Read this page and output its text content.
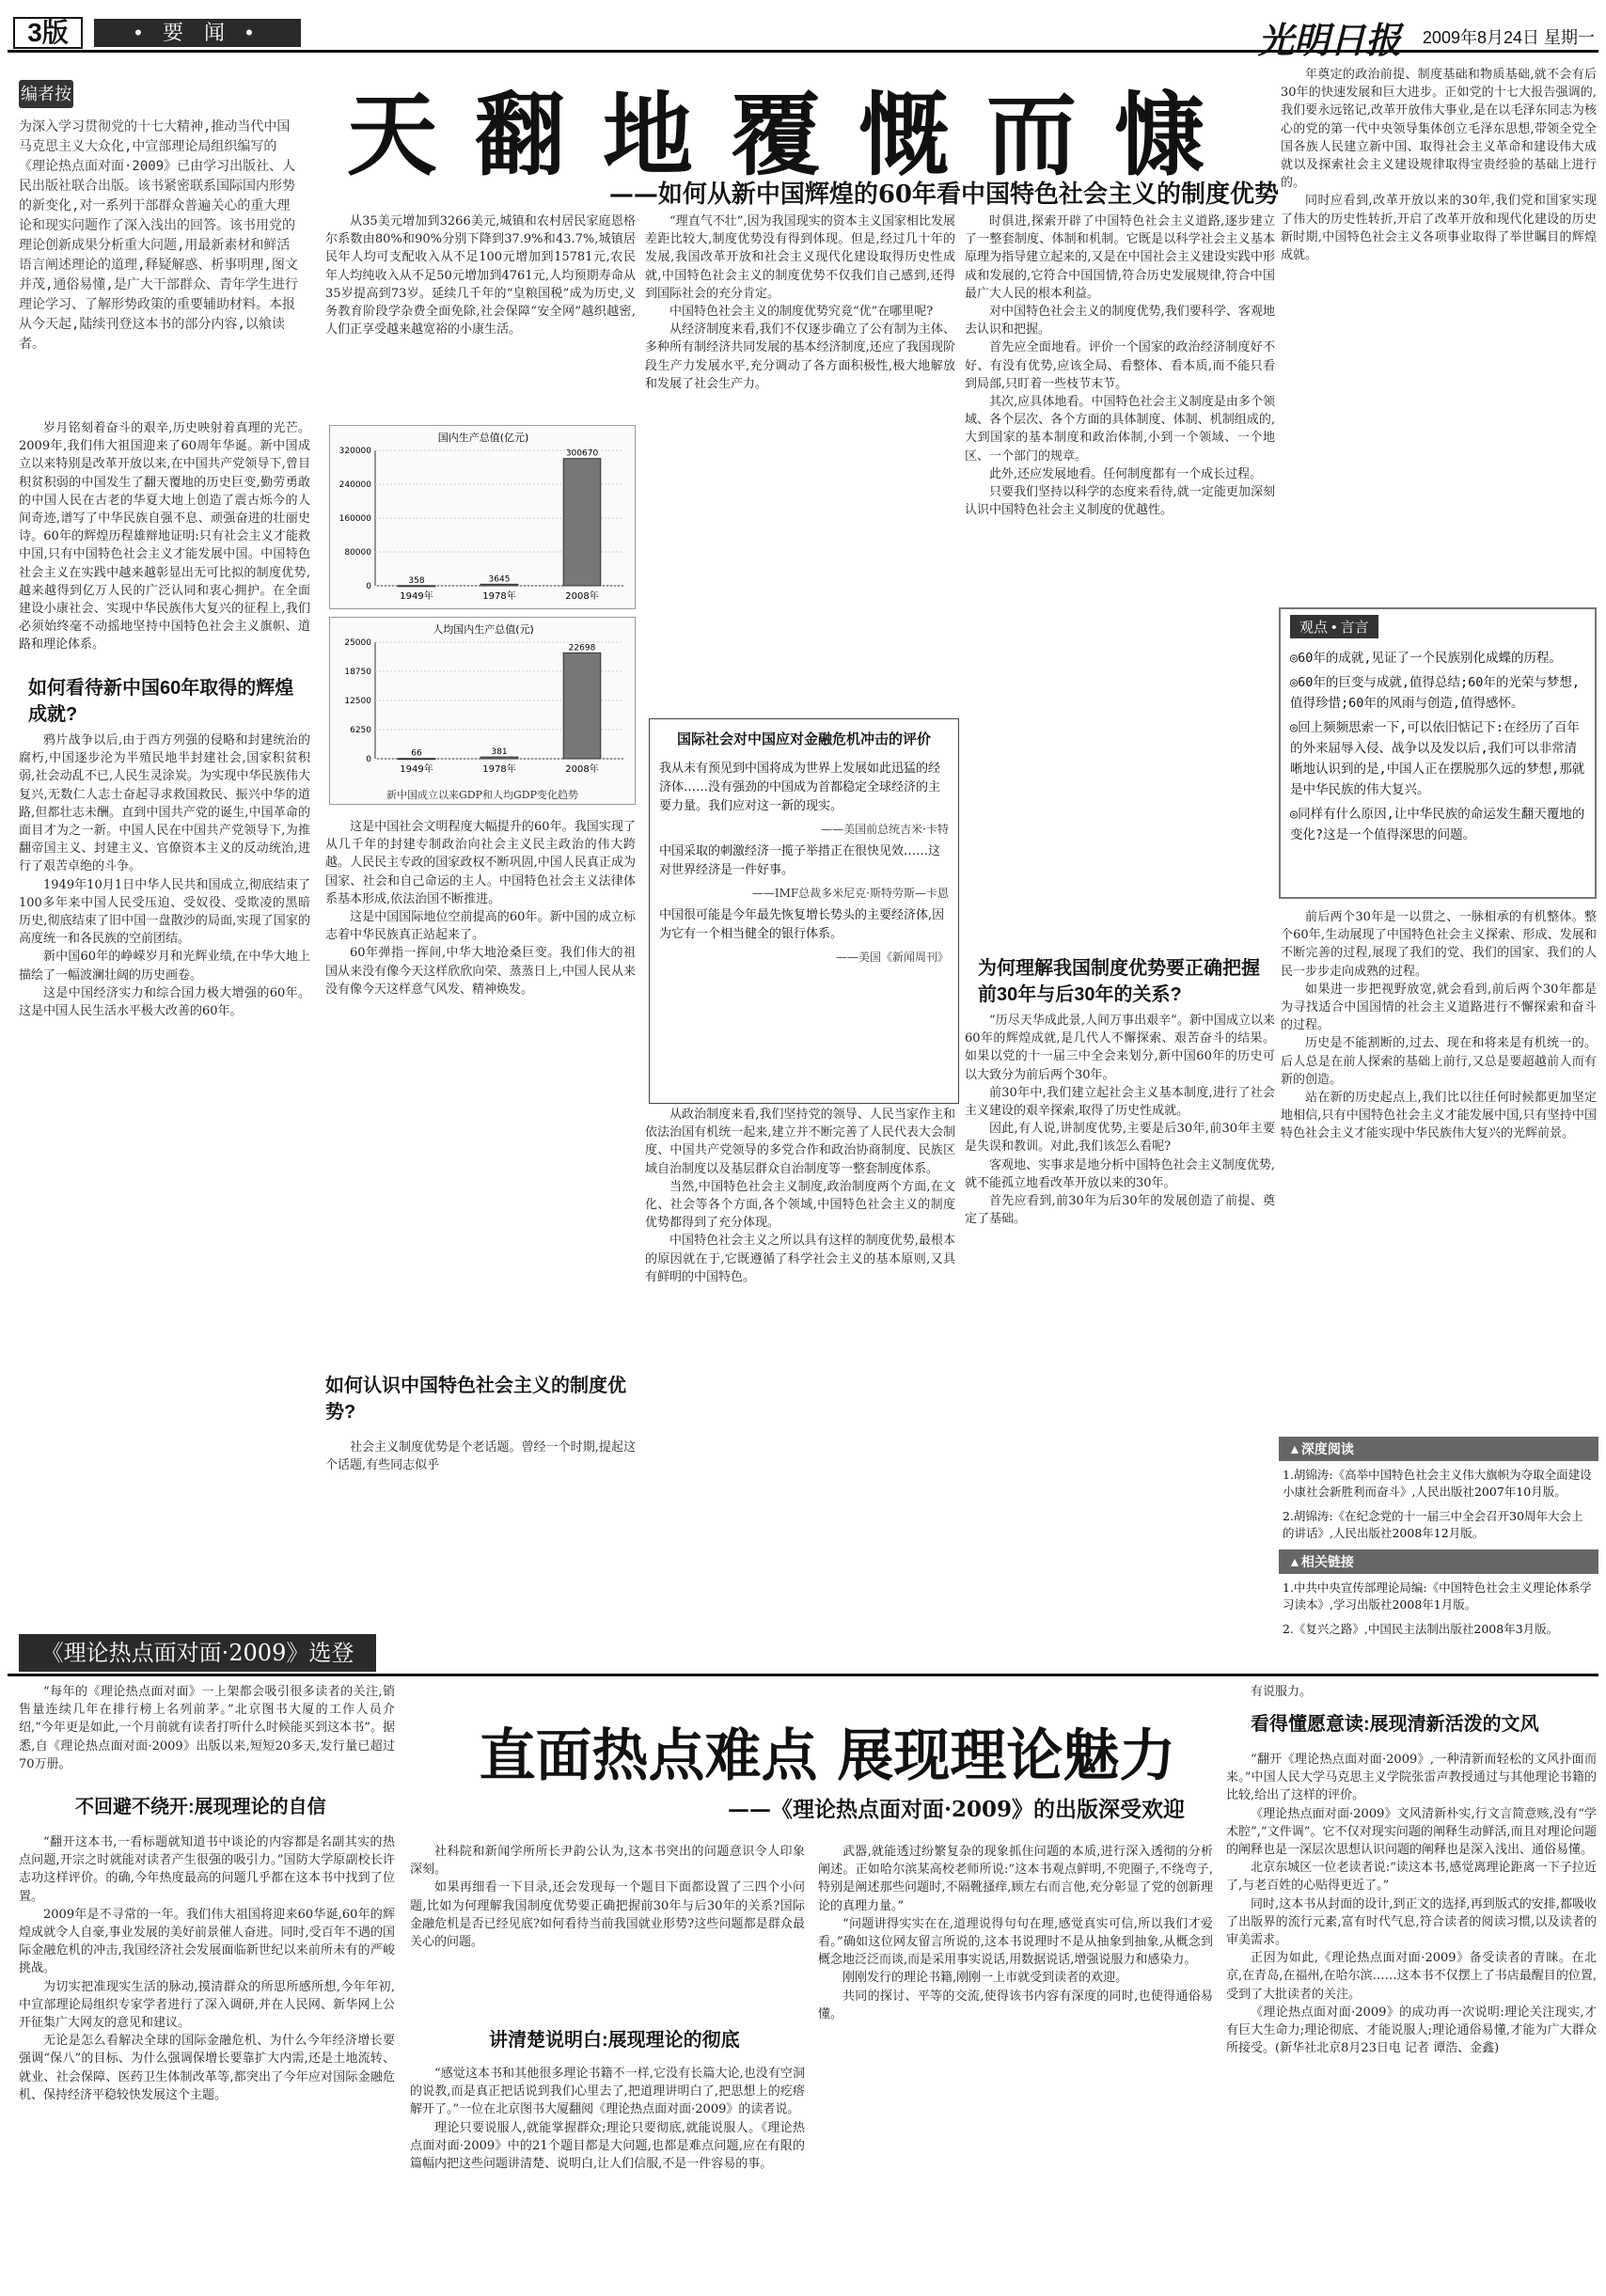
3版	• 要 闻 •	光明日报 2009年8月24日 星期一
编者按
为深入学习贯彻党的十七大精神,推动当代中国马克思主义大众化,中宣部理论局组织编写的《理论热点面对面·2009》已由学习出版社、人民出版社联合出版。该书紧密联系国际国内形势的新变化,对一系列干部群众普遍关心的重大理论和现实问题作了深入浅出的回答。该书用党的理论创新成果分析重大问题,用最新素材和鲜活语言阐述理论的道理,释疑解惑、析事明理,图文并茂,通俗易懂,是广大干部群众、青年学生进行理论学习、了解形势政策的重要辅助材料。本报从今天起,陆续刊登这本书的部分内容,以飨读者。
天翻地覆慨而慷
——如何从新中国辉煌的60年看中国特色社会主义的制度优势

岁月铭刻着奋斗的艰辛,历史映射着真理的光芒。2009年,我们伟大祖国迎来了60周年华诞。新中国成立以来特别是改革开放以来,在中国共产党领导下,曾目积贫积弱的中国发生了翻天覆地的历史巨变,勤劳勇敢的中国人民在古老的华夏大地上创造了震古烁今的人间奇迹,谱写了中华民族自强不息、顽强奋进的壮丽史诗。60年的辉煌历程雄辩地证明:只有社会主义才能救中国,只有中国特色社会主义才能发展中国。中国特色社会主义在实践中越来越彰显出无可比拟的制度优势,越来越得到亿万人民的广泛认同和衷心拥护。在全面建设小康社会、实现中华民族伟大复兴的征程上,我们必须始终毫不动摇地坚持中国特色社会主义旗帜、道路和理论体系。

如何看待新中国60年取得的辉煌成就?

鸦片战争以后,由于西方列强的侵略和封建统治的腐朽,中国逐步沦为半殖民地半封建社会,国家积贫积弱,社会动乱不已,人民生灵涂炭。为实现中华民族伟大复兴,无数仁人志士奋起寻求救国救民、振兴中华的道路,但都壮志未酬。直到中国共产党的诞生,中国革命的面目才为之一新。中国人民在中国共产党领导下,为推翻帝国主义、封建主义、官僚资本主义的反动统治,进行了艰苦卓绝的斗争。

1949年10月1日中华人民共和国成立,彻底结束了100多年来中国人民受压迫、受奴役、受欺凌的黑暗历史,彻底结束了旧中国一盘散沙的局面,实现了国家的高度统一和各民族的空前团结。

新中国60年的峥嵘岁月和光辉业绩,在中华大地上描绘了一幅波澜壮阔的历史画卷。

这是中国经济实力和综合国力极大增强的60年。这是中国人民生活水平极大改善的60年。

从35美元增加到3266美元,城镇和农村居民家庭恩格尔系数由80%和90%分别下降到37.9%和43.7%,城镇居民年人均可支配收入从不足100元增加到15781元,农民年人均纯收入从不足50元增加到4761元,人均预期寿命从35岁提高到73岁。延续几千年的“皇粮国税”成为历史,义务教育阶段学杂费全面免除,社会保障“安全网”越织越密,人们正享受越来越宽裕的小康生活。

国内生产总值(亿元)
0
80000
160000
240000
320000
358
1949年
3645
1978年
300670
2008年
人均国内生产总值(元)
0
6250
12500
18750
25000
66
1949年
381
1978年
22698
2008年
新中国成立以来GDP和人均GDP变化趋势

这是中国社会文明程度大幅提升的60年。我国实现了从几千年的封建专制政治向社会主义民主政治的伟大跨越。人民民主专政的国家政权不断巩固,中国人民真正成为国家、社会和自己命运的主人。中国特色社会主义法律体系基本形成,依法治国不断推进。

这是中国国际地位空前提高的60年。新中国的成立标志着中华民族真正站起来了。

60年弹指一挥间,中华大地沧桑巨变。我们伟大的祖国从来没有像今天这样欣欣向荣、蒸蒸日上,中国人民从来没有像今天这样意气风发、精神焕发。

如何认识中国特色社会主义的制度优势?

社会主义制度优势是个老话题。曾经一个时期,提起这个话题,有些同志似乎

“理直气不壮”,因为我国现实的资本主义国家相比发展差距比较大,制度优势没有得到体现。但是,经过几十年的发展,我国改革开放和社会主义现代化建设取得历史性成就,中国特色社会主义的制度优势不仅我们自己感到,还得到国际社会的充分肯定。

中国特色社会主义的制度优势究竟“优”在哪里呢?

从经济制度来看,我们不仅逐步确立了公有制为主体、多种所有制经济共同发展的基本经济制度,还应了我国现阶段生产力发展水平,充分调动了各方面积极性,极大地解放和发展了社会生产力。

国际社会对中国应对金融危机冲击的评价

我从未有预见到中国将成为世界上发展如此迅猛的经济体……没有强劲的中国成为首都稳定全球经济的主要力量。我们应对这一新的现实。

——美国前总统吉米·卡特

中国采取的刺激经济一揽子举措正在很快见效……这对世界经济是一件好事。

——IMF总裁多米尼克·斯特劳斯—卡恩

中国很可能是今年最先恢复增长势头的主要经济体,因为它有一个相当健全的银行体系。

——美国《新闻周刊》

从政治制度来看,我们坚持党的领导、人民当家作主和依法治国有机统一起来,建立并不断完善了人民代表大会制度、中国共产党领导的多党合作和政治协商制度、民族区域自治制度以及基层群众自治制度等一整套制度体系。

当然,中国特色社会主义制度,政治制度两个方面,在文化、社会等各个方面,各个领域,中国特色社会主义的制度优势都得到了充分体现。

中国特色社会主义之所以具有这样的制度优势,最根本的原因就在于,它既遵循了科学社会主义的基本原则,又具有鲜明的中国特色。

时俱进,探索开辟了中国特色社会主义道路,逐步建立了一整套制度、体制和机制。它既是以科学社会主义基本原理为指导建立起来的,又是在中国社会主义建设实践中形成和发展的,它符合中国国情,符合历史发展规律,符合中国最广大人民的根本利益。

对中国特色社会主义的制度优势,我们要科学、客观地去认识和把握。

首先应全面地看。评价一个国家的政治经济制度好不好、有没有优势,应该全局、看整体、看本质,而不能只看到局部,只盯着一些枝节末节。

其次,应具体地看。中国特色社会主义制度是由多个领域、各个层次、各个方面的具体制度、体制、机制组成的,大到国家的基本制度和政治体制,小到一个领域、一个地区、一个部门的规章。

此外,还应发展地看。任何制度都有一个成长过程。

只要我们坚持以科学的态度来看待,就一定能更加深刻认识中国特色社会主义制度的优越性。

为何理解我国制度优势要正确把握前30年与后30年的关系?

“历尽天华成此景,人间万事出艰辛”。新中国成立以来60年的辉煌成就,是几代人不懈探索、艰苦奋斗的结果。如果以党的十一届三中全会来划分,新中国60年的历史可以大致分为前后两个30年。

前30年中,我们建立起社会主义基本制度,进行了社会主义建设的艰辛探索,取得了历史性成就。

因此,有人说,讲制度优势,主要是后30年,前30年主要是失误和教训。对此,我们该怎么看呢?

客观地、实事求是地分析中国特色社会主义制度优势,就不能孤立地看改革开放以来的30年。

首先应看到,前30年为后30年的发展创造了前提、奠定了基础。

年奠定的政治前提、制度基础和物质基础,就不会有后30年的快速发展和巨大进步。正如党的十七大报告强调的,我们要永远铭记,改革开放伟大事业,是在以毛泽东同志为核心的党的第一代中央领导集体创立毛泽东思想,带领全党全国各族人民建立新中国、取得社会主义革命和建设伟大成就以及探索社会主义建设规律取得宝贵经验的基础上进行的。

同时应看到,改革开放以来的30年,我们党和国家实现了伟大的历史性转折,开启了改革开放和现代化建设的历史新时期,中国特色社会主义各项事业取得了举世瞩目的辉煌成就。

观点 • 言言

◎60年的成就,见证了一个民族别化成蝶的历程。

◎60年的巨变与成就,值得总结;60年的光荣与梦想,值得珍惜;60年的风雨与创造,值得感怀。

◎回上频频思索一下,可以依旧惦记下:在经历了百年的外来屈辱入侵、战争以及发以后,我们可以非常清晰地认识到的是,中国人正在摆脱那久远的梦想,那就是中华民族的伟大复兴。

◎同样有什么原因,让中华民族的命运发生翻天覆地的变化?这是一个值得深思的问题。

前后两个30年是一以贯之、一脉相承的有机整体。整个60年,生动展现了中国特色社会主义探索、形成、发展和不断完善的过程,展现了我们的党、我们的国家、我们的人民一步步走向成熟的过程。

如果进一步把视野放宽,就会看到,前后两个30年都是为寻找适合中国国情的社会主义道路进行不懈探索和奋斗的过程。

历史是不能割断的,过去、现在和将来是有机统一的。后人总是在前人探索的基础上前行,又总是要超越前人而有新的创造。

站在新的历史起点上,我们比以往任何时候都更加坚定地相信,只有中国特色社会主义才能发展中国,只有坚持中国特色社会主义才能实现中华民族伟大复兴的光辉前景。

▲深度阅读

1.胡锦涛:《高举中国特色社会主义伟大旗帜为夺取全面建设小康社会新胜利而奋斗》,人民出版社2007年10月版。

2.胡锦涛:《在纪念党的十一届三中全会召开30周年大会上的讲话》,人民出版社2008年12月版。

▲相关链接

1.中共中央宣传部理论局编:《中国特色社会主义理论体系学习读本》,学习出版社2008年1月版。

2.《复兴之路》,中国民主法制出版社2008年3月版。

《理论热点面对面·2009》选登
直面热点难点 展现理论魅力
——《理论热点面对面·2009》的出版深受欢迎

“每年的《理论热点面对面》一上架都会吸引很多读者的关注,销售量连续几年在排行榜上名列前茅。”北京图书大厦的工作人员介绍,“今年更是如此,一个月前就有读者打听什么时候能买到这本书”。据悉,自《理论热点面对面·2009》出版以来,短短20多天,发行量已超过70万册。

不回避不绕开:展现理论的自信

“翻开这本书,一看标题就知道书中谈论的内容都是名副其实的热点问题,开宗之时就能对读者产生很强的吸引力。”国防大学原副校长许志功这样评价。的确,今年热度最高的问题几乎都在这本书中找到了位置。

2009年是不寻常的一年。我们伟大祖国将迎来60华诞,60年的辉煌成就令人自豪,事业发展的美好前景催人奋进。同时,受百年不遇的国际金融危机的冲击,我国经济社会发展面临新世纪以来前所未有的严峻挑战。

为切实把准现实生活的脉动,摸清群众的所思所感所想,今年年初,中宣部理论局组织专家学者进行了深入调研,并在人民网、新华网上公开征集广大网友的意见和建议。

无论是怎么看解决全球的国际金融危机、为什么今年经济增长要强调“保八”的目标、为什么强调保增长要靠扩大内需,还是土地流转、就业、社会保障、医药卫生体制改革等,都突出了今年应对国际金融危机、保持经济平稳较快发展这个主题。

社科院和新闻学所所长尹韵公认为,这本书突出的问题意识令人印象深刻。

如果再细看一下目录,还会发现每一个题目下面都设置了三四个小问题,比如为何理解我国制度优势要正确把握前30年与后30年的关系?国际金融危机是否已经见底?如何看待当前我国就业形势?这些问题都是群众最关心的问题。

讲清楚说明白:展现理论的彻底

“感觉这本书和其他很多理论书籍不一样,它没有长篇大论,也没有空洞的说教,而是真正把话说到我们心里去了,把道理讲明白了,把思想上的疙瘩解开了。”一位在北京图书大厦翻阅《理论热点面对面·2009》的读者说。

理论只要说服人,就能掌握群众;理论只要彻底,就能说服人。《理论热点面对面·2009》中的21个题目都是大问题,也都是难点问题,应在有限的篇幅内把这些问题讲清楚、说明白,让人们信服,不是一件容易的事。

武器,就能透过纷繁复杂的现象抓住问题的本质,进行深入透彻的分析阐述。正如哈尔滨某高校老师所说:“这本书观点鲜明,不兜圈子,不绕弯子,特别是阐述那些问题时,不隔靴搔痒,顾左右而言他,充分彰显了党的创新理论的真理力量。”

“问题讲得实实在在,道理说得句句在理,感觉真实可信,所以我们才爱看。”确如这位网友留言所说的,这本书说理时不是从抽象到抽象,从概念到概念地泛泛而谈,而是采用事实说话,用数据说话,增强说服力和感染力。

刚刚发行的理论书籍,刚刚一上市就受到读者的欢迎。

共同的探讨、平等的交流,使得该书内容有深度的同时,也使得通俗易懂。

有说服力。

看得懂愿意读:展现清新活泼的文风

“翻开《理论热点面对面·2009》,一种清新而轻松的文风扑面而来。”中国人民大学马克思主义学院张雷声教授通过与其他理论书籍的比较,给出了这样的评价。

《理论热点面对面·2009》文风清新朴实,行文言简意赅,没有“学术腔”,“文件调”。它不仅对现实问题的阐释生动鲜活,而且对理论问题的阐释也是一深层次思想认识问题的阐释也是深入浅出、通俗易懂。

北京东城区一位老读者说:“读这本书,感觉离理论距离一下子拉近了,与老百姓的心贴得更近了。”

同时,这本书从封面的设计,到正文的选择,再到版式的安排,都吸收了出版界的流行元素,富有时代气息,符合读者的阅读习惯,以及读者的审美需求。

正因为如此,《理论热点面对面·2009》备受读者的青睐。在北京,在青岛,在福州,在哈尔滨……这本书不仅摆上了书店最醒目的位置,受到了大批读者的关注。

《理论热点面对面·2009》的成功再一次说明:理论关注现实,才有巨大生命力;理论彻底、才能说服人;理论通俗易懂,才能为广大群众所接受。(新华社北京8月23日电 记者 谭浩、金鑫)
